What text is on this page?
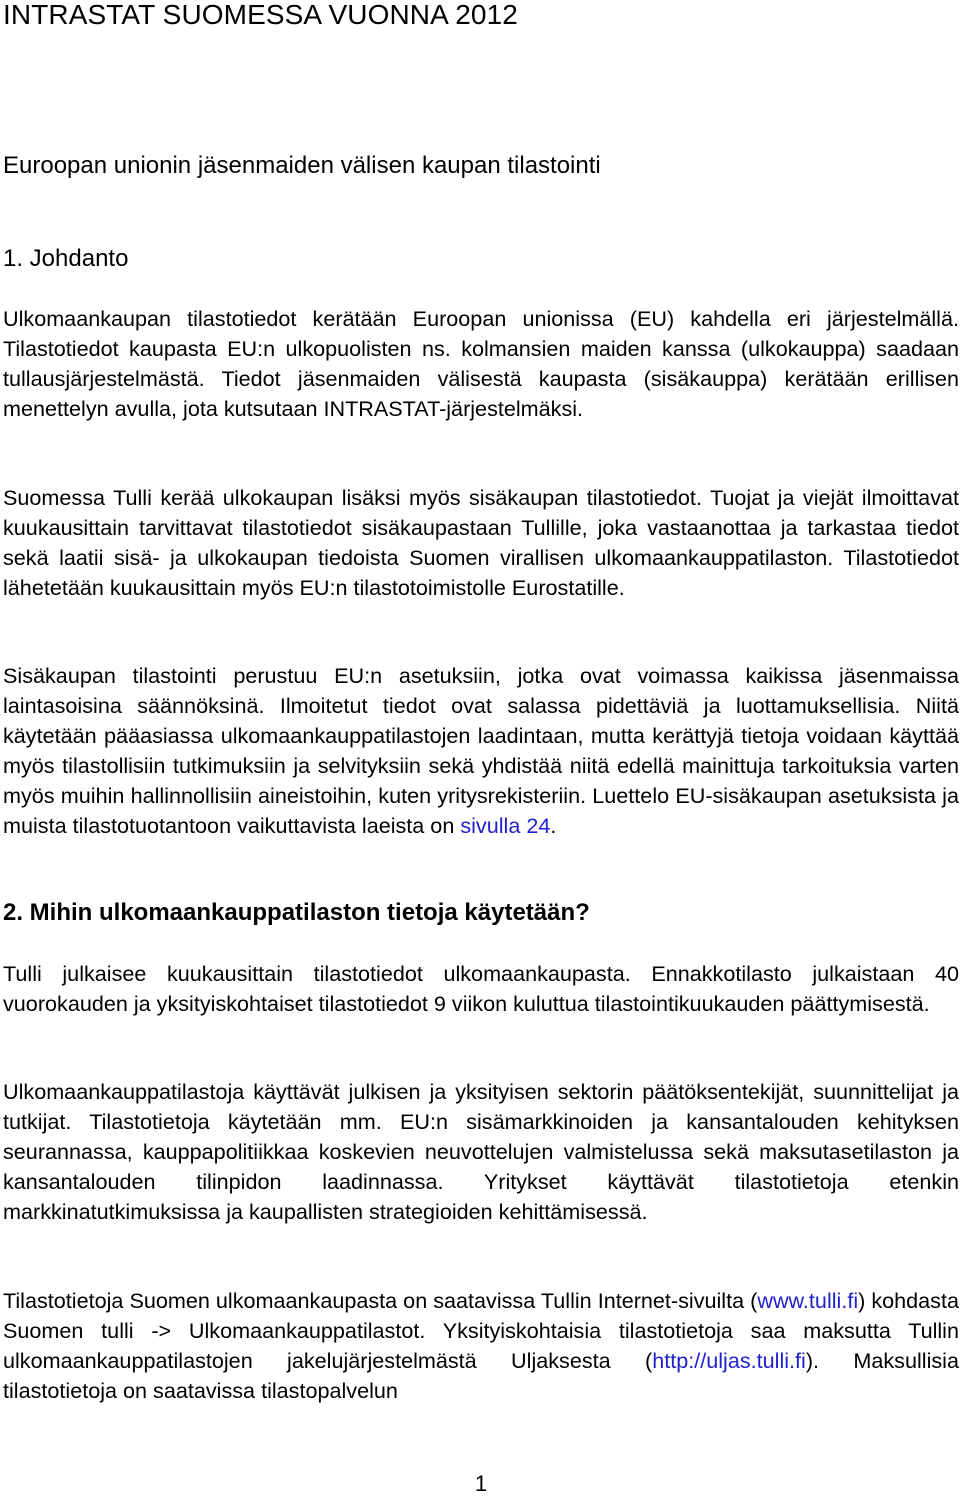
INTRASTAT SUOMESSA VUONNA 2012
Euroopan unionin jäsenmaiden välisen kaupan tilastointi
1. Johdanto

Ulkomaankaupan tilastotiedot kerätään Euroopan unionissa (EU) kahdella eri järjestelmällä. Tilastotiedot kaupasta EU:n ulkopuolisten ns. kolmansien maiden kanssa (ulkokauppa) saadaan tullausjärjestelmästä. Tiedot jäsenmaiden välisestä kaupasta (sisäkauppa) kerätään erillisen menettelyn avulla, jota kutsutaan INTRASTAT-järjestelmäksi.

Suomessa Tulli kerää ulkokaupan lisäksi myös sisäkaupan tilastotiedot. Tuojat ja viejät ilmoittavat kuukausittain tarvittavat tilastotiedot sisäkaupastaan Tullille, joka vastaanottaa ja tarkastaa tiedot sekä laatii sisä- ja ulkokaupan tiedoista Suomen virallisen ulkomaankauppatilaston. Tilastotiedot lähetetään kuukausittain myös EU:n tilastotoimistolle Eurostatille.

Sisäkaupan tilastointi perustuu EU:n asetuksiin, jotka ovat voimassa kaikissa jäsenmaissa laintasoisina säännöksinä. Ilmoitetut tiedot ovat salassa pidettäviä ja luottamuksellisia. Niitä käytetään pääasiassa ulkomaankauppatilastojen laadintaan, mutta kerättyjä tietoja voidaan käyttää myös tilastollisiin tutkimuksiin ja selvityksiin sekä yhdistää niitä edellä mainittuja tarkoituksia varten myös muihin hallinnollisiin aineistoihin, kuten yritysrekisteriin. Luettelo EU-sisäkaupan asetuksista ja muista tilastotuotantoon vaikuttavista laeista on sivulla 24.

2. Mihin ulkomaankauppatilaston tietoja käytetään?

Tulli julkaisee kuukausittain tilastotiedot ulkomaankaupasta. Ennakkotilasto julkaistaan 40 vuorokauden ja yksityiskohtaiset tilastotiedot 9 viikon kuluttua tilastointikuukauden päättymisestä.

Ulkomaankauppatilastoja käyttävät julkisen ja yksityisen sektorin päätöksentekijät, suunnittelijat ja tutkijat. Tilastotietoja käytetään mm. EU:n sisämarkkinoiden ja kansantalouden kehityksen seurannassa, kauppapolitiikkaa koskevien neuvottelujen valmistelussa sekä maksutasetilaston ja kansantalouden tilinpidon laadinnassa. Yritykset käyttävät tilastotietoja etenkin markkinatutkimuksissa ja kaupallisten strategioiden kehittämisessä.

Tilastotietoja Suomen ulkomaankaupasta on saatavissa Tullin Internet-sivuilta (www.tulli.fi) kohdasta Suomen tulli -> Ulkomaankauppatilastot. Yksityiskohtaisia tilastotietoja saa maksutta Tullin ulkomaankauppatilastojen jakelujärjestelmästä Uljaksesta (http://uljas.tulli.fi). Maksullisia tilastotietoja on saatavissa tilastopalvelun

1
